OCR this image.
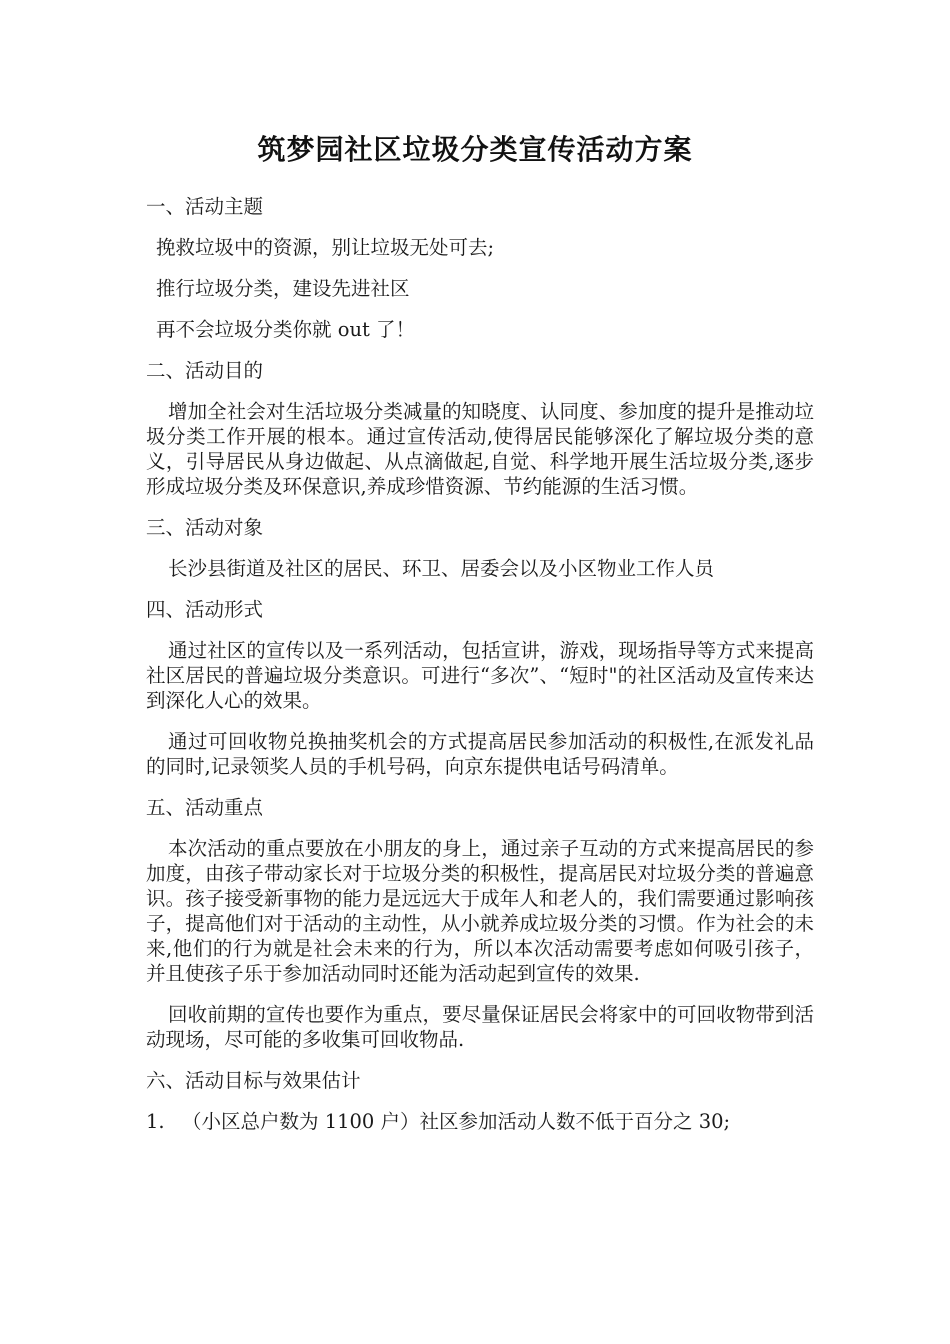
筑梦园社区垃圾分类宣传活动方案
一、活动主题
挽救垃圾中的资源，别让垃圾无处可去;
推行垃圾分类，建设先进社区
再不会垃圾分类你就 out 了！
二、活动目的
增加全社会对生活垃圾分类减量的知晓度、认同度、参加度的提升是推动垃圾分类工作开展的根本。通过宣传活动,使得居民能够深化了解垃圾分类的意义，引导居民从身边做起、从点滴做起,自觉、科学地开展生活垃圾分类,逐步形成垃圾分类及环保意识,养成珍惜资源、节约能源的生活习惯。
三、活动对象
长沙县街道及社区的居民、环卫、居委会以及小区物业工作人员
四、活动形式
通过社区的宣传以及一系列活动，包括宣讲，游戏，现场指导等方式来提高社区居民的普遍垃圾分类意识。可进行“多次”、“短时"的社区活动及宣传来达到深化人心的效果。
通过可回收物兑换抽奖机会的方式提高居民参加活动的积极性,在派发礼品的同时,记录领奖人员的手机号码，向京东提供电话号码清单。
五、活动重点
本次活动的重点要放在小朋友的身上，通过亲子互动的方式来提高居民的参加度，由孩子带动家长对于垃圾分类的积极性，提高居民对垃圾分类的普遍意识。孩子接受新事物的能力是远远大于成年人和老人的，我们需要通过影响孩子，提高他们对于活动的主动性，从小就养成垃圾分类的习惯。作为社会的未来,他们的行为就是社会未来的行为，所以本次活动需要考虑如何吸引孩子，并且使孩子乐于参加活动同时还能为活动起到宣传的效果.
回收前期的宣传也要作为重点，要尽量保证居民会将家中的可回收物带到活动现场，尽可能的多收集可回收物品.
六、活动目标与效果估计
1. （小区总户数为 1100 户）社区参加活动人数不低于百分之 30;
